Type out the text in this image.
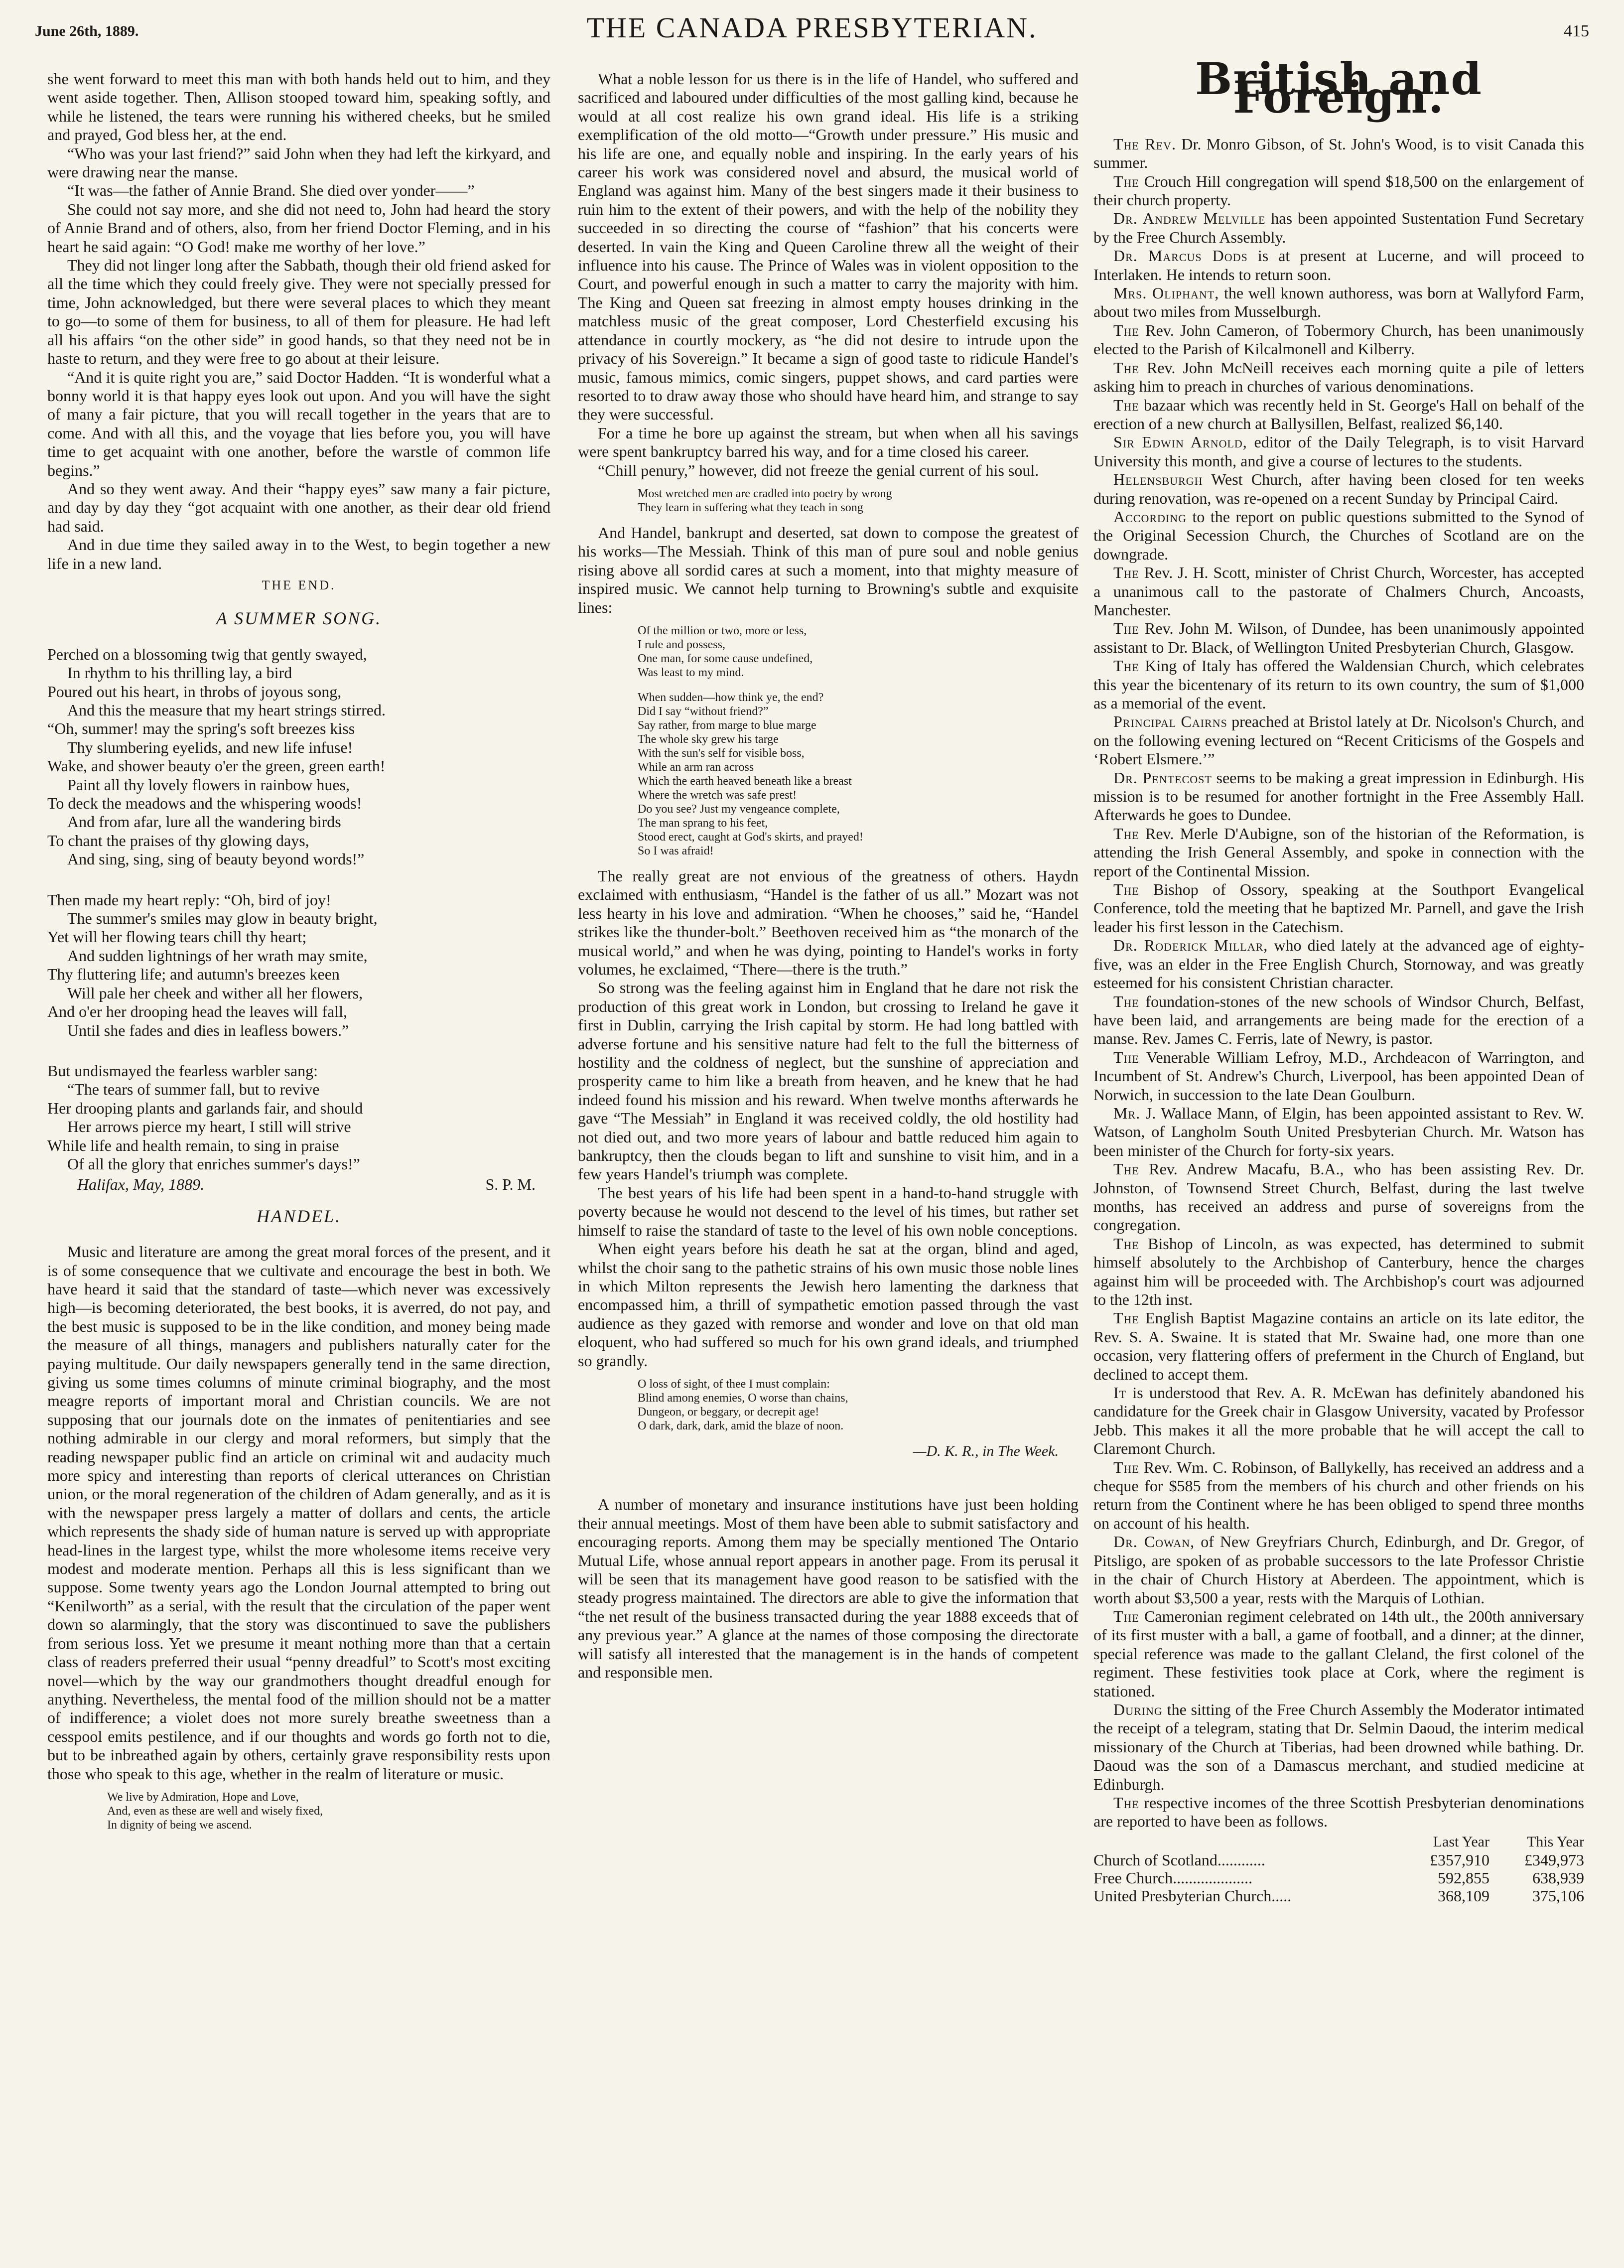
June 26th, 1889.	THE CANADA PRESBYTERIAN.	415

she went forward to meet this man with both hands held out to him, and they went aside together. Then, Allison stooped toward him, speaking softly, and while he listened, the tears were running his withered cheeks, but he smiled and prayed, God bless her, at the end.

“Who was your last friend?” said John when they had left the kirkyard, and were drawing near the manse.

“It was—the father of Annie Brand. She died over yonder——”

She could not say more, and she did not need to, John had heard the story of Annie Brand and of others, also, from her friend Doctor Fleming, and in his heart he said again: “O God! make me worthy of her love.”

They did not linger long after the Sabbath, though their old friend asked for all the time which they could freely give. They were not specially pressed for time, John acknowledged, but there were several places to which they meant to go—to some of them for business, to all of them for pleasure. He had left all his affairs “on the other side” in good hands, so that they need not be in haste to return, and they were free to go about at their leisure.

“And it is quite right you are,” said Doctor Hadden. “It is wonderful what a bonny world it is that happy eyes look out upon. And you will have the sight of many a fair picture, that you will recall together in the years that are to come. And with all this, and the voyage that lies before you, you will have time to get acquaint with one another, before the warstle of common life begins.”

And so they went away. And their “happy eyes” saw many a fair picture, and day by day they “got acquaint with one another, as their dear old friend had said.

And in due time they sailed away in to the West, to begin together a new life in a new land.

THE END.
A SUMMER SONG.
Perched on a blossoming twig that gently swayed,
In rhythm to his thrilling lay, a bird
Poured out his heart, in throbs of joyous song,
And this the measure that my heart strings stirred.
“Oh, summer! may the spring's soft breezes kiss
Thy slumbering eyelids, and new life infuse!
Wake, and shower beauty o'er the green, green earth!
Paint all thy lovely flowers in rainbow hues,
To deck the meadows and the whispering woods!
And from afar, lure all the wandering birds
To chant the praises of thy glowing days,
And sing, sing, sing of beauty beyond words!”
Then made my heart reply: “Oh, bird of joy!
The summer's smiles may glow in beauty bright,
Yet will her flowing tears chill thy heart;
And sudden lightnings of her wrath may smite,
Thy fluttering life; and autumn's breezes keen
Will pale her cheek and wither all her flowers,
And o'er her drooping head the leaves will fall,
Until she fades and dies in leafless bowers.”
But undismayed the fearless warbler sang:
“The tears of summer fall, but to revive
Her drooping plants and garlands fair, and should
Her arrows pierce my heart, I still will strive
While life and health remain, to sing in praise
Of all the glory that enriches summer's days!”
Halifax, May, 1889.	S. P. M.
HANDEL.

Music and literature are among the great moral forces of the present, and it is of some consequence that we cultivate and encourage the best in both. We have heard it said that the standard of taste—which never was excessively high—is becoming deteriorated, the best books, it is averred, do not pay, and the best music is supposed to be in the like condition, and money being made the measure of all things, managers and publishers naturally cater for the paying multitude. Our daily newspapers generally tend in the same direction, giving us some times columns of minute criminal biography, and the most meagre reports of important moral and Christian councils. We are not supposing that our journals dote on the inmates of penitentiaries and see nothing admirable in our clergy and moral reformers, but simply that the reading newspaper public find an article on criminal wit and audacity much more spicy and interesting than reports of clerical utterances on Christian union, or the moral regeneration of the children of Adam generally, and as it is with the newspaper press largely a matter of dollars and cents, the article which represents the shady side of human nature is served up with appropriate head-lines in the largest type, whilst the more wholesome items receive very modest and moderate mention. Perhaps all this is less significant than we suppose. Some twenty years ago the London Journal attempted to bring out “Kenilworth” as a serial, with the result that the circulation of the paper went down so alarmingly, that the story was discontinued to save the publishers from serious loss. Yet we presume it meant nothing more than that a certain class of readers preferred their usual “penny dreadful” to Scott's most exciting novel—which by the way our grandmothers thought dreadful enough for anything. Nevertheless, the mental food of the million should not be a matter of indifference; a violet does not more surely breathe sweetness than a cesspool emits pestilence, and if our thoughts and words go forth not to die, but to be inbreathed again by others, certainly grave responsibility rests upon those who speak to this age, whether in the realm of literature or music.

We live by Admiration, Hope and Love,
And, even as these are well and wisely fixed,
In dignity of being we ascend.

What a noble lesson for us there is in the life of Handel, who suffered and sacrificed and laboured under difficulties of the most galling kind, because he would at all cost realize his own grand ideal. His life is a striking exemplification of the old motto—“Growth under pressure.” His music and his life are one, and equally noble and inspiring. In the early years of his career his work was considered novel and absurd, the musical world of England was against him. Many of the best singers made it their business to ruin him to the extent of their powers, and with the help of the nobility they succeeded in so directing the course of “fashion” that his concerts were deserted. In vain the King and Queen Caroline threw all the weight of their influence into his cause. The Prince of Wales was in violent opposition to the Court, and powerful enough in such a matter to carry the majority with him. The King and Queen sat freezing in almost empty houses drinking in the matchless music of the great composer, Lord Chesterfield excusing his attendance in courtly mockery, as “he did not desire to intrude upon the privacy of his Sovereign.” It became a sign of good taste to ridicule Handel's music, famous mimics, comic singers, puppet shows, and card parties were resorted to to draw away those who should have heard him, and strange to say they were successful.

For a time he bore up against the stream, but when when all his savings were spent bankruptcy barred his way, and for a time closed his career.

“Chill penury,” however, did not freeze the genial current of his soul.

Most wretched men are cradled into poetry by wrong
They learn in suffering what they teach in song

And Handel, bankrupt and deserted, sat down to compose the greatest of his works—The Messiah. Think of this man of pure soul and noble genius rising above all sordid cares at such a moment, into that mighty measure of inspired music. We cannot help turning to Browning's subtle and exquisite lines:

Of the million or two, more or less,
I rule and possess,
One man, for some cause undefined,
Was least to my mind.
When sudden—how think ye, the end?
Did I say “without friend?”
Say rather, from marge to blue marge
The whole sky grew his targe
With the sun's self for visible boss,
While an arm ran across
Which the earth heaved beneath like a breast
Where the wretch was safe prest!
Do you see? Just my vengeance complete,
The man sprang to his feet,
Stood erect, caught at God's skirts, and prayed!
So I was afraid!

The really great are not envious of the greatness of others. Haydn exclaimed with enthusiasm, “Handel is the father of us all.” Mozart was not less hearty in his love and admiration. “When he chooses,” said he, “Handel strikes like the thunder-bolt.” Beethoven received him as “the monarch of the musical world,” and when he was dying, pointing to Handel's works in forty volumes, he exclaimed, “There—there is the truth.”

So strong was the feeling against him in England that he dare not risk the production of this great work in London, but crossing to Ireland he gave it first in Dublin, carrying the Irish capital by storm. He had long battled with adverse fortune and his sensitive nature had felt to the full the bitterness of hostility and the coldness of neglect, but the sunshine of appreciation and prosperity came to him like a breath from heaven, and he knew that he had indeed found his mission and his reward. When twelve months afterwards he gave “The Messiah” in England it was received coldly, the old hostility had not died out, and two more years of labour and battle reduced him again to bankruptcy, then the clouds began to lift and sunshine to visit him, and in a few years Handel's triumph was complete.

The best years of his life had been spent in a hand-to-hand struggle with poverty because he would not descend to the level of his times, but rather set himself to raise the standard of taste to the level of his own noble conceptions.

When eight years before his death he sat at the organ, blind and aged, whilst the choir sang to the pathetic strains of his own music those noble lines in which Milton represents the Jewish hero lamenting the darkness that encompassed him, a thrill of sympathetic emotion passed through the vast audience as they gazed with remorse and wonder and love on that old man eloquent, who had suffered so much for his own grand ideals, and triumphed so grandly.

O loss of sight, of thee I must complain:
Blind among enemies, O worse than chains,
Dungeon, or beggary, or decrepit age!
O dark, dark, dark, amid the blaze of noon.
—D. K. R., in The Week.

A number of monetary and insurance institutions have just been holding their annual meetings. Most of them have been able to submit satisfactory and encouraging reports. Among them may be specially mentioned The Ontario Mutual Life, whose annual report appears in another page. From its perusal it will be seen that its management have good reason to be satisfied with the steady progress maintained. The directors are able to give the information that “the net result of the business transacted during the year 1888 exceeds that of any previous year.” A glance at the names of those composing the directorate will satisfy all interested that the management is in the hands of competent and responsible men.

British and Foreign.

The Rev. Dr. Monro Gibson, of St. John's Wood, is to visit Canada this summer.

The Crouch Hill congregation will spend $18,500 on the enlargement of their church property.

Dr. Andrew Melville has been appointed Sustentation Fund Secretary by the Free Church Assembly.

Dr. Marcus Dods is at present at Lucerne, and will proceed to Interlaken. He intends to return soon.

Mrs. Oliphant, the well known authoress, was born at Wallyford Farm, about two miles from Musselburgh.

The Rev. John Cameron, of Tobermory Church, has been unanimously elected to the Parish of Kilcalmonell and Kilberry.

The Rev. John McNeill receives each morning quite a pile of letters asking him to preach in churches of various denominations.

The bazaar which was recently held in St. George's Hall on behalf of the erection of a new church at Ballysillen, Belfast, realized $6,140.

Sir Edwin Arnold, editor of the Daily Telegraph, is to visit Harvard University this month, and give a course of lectures to the students.

Helensburgh West Church, after having been closed for ten weeks during renovation, was re-opened on a recent Sunday by Principal Caird.

According to the report on public questions submitted to the Synod of the Original Secession Church, the Churches of Scotland are on the downgrade.

The Rev. J. H. Scott, minister of Christ Church, Worcester, has accepted a unanimous call to the pastorate of Chalmers Church, Ancoasts, Manchester.

The Rev. John M. Wilson, of Dundee, has been unanimously appointed assistant to Dr. Black, of Wellington United Presbyterian Church, Glasgow.

The King of Italy has offered the Waldensian Church, which celebrates this year the bicentenary of its return to its own country, the sum of $1,000 as a memorial of the event.

Principal Cairns preached at Bristol lately at Dr. Nicolson's Church, and on the following evening lectured on “Recent Criticisms of the Gospels and ‘Robert Elsmere.’”

Dr. Pentecost seems to be making a great impression in Edinburgh. His mission is to be resumed for another fortnight in the Free Assembly Hall. Afterwards he goes to Dundee.

The Rev. Merle D'Aubigne, son of the historian of the Reformation, is attending the Irish General Assembly, and spoke in connection with the report of the Continental Mission.

The Bishop of Ossory, speaking at the Southport Evangelical Conference, told the meeting that he baptized Mr. Parnell, and gave the Irish leader his first lesson in the Catechism.

Dr. Roderick Millar, who died lately at the advanced age of eighty-five, was an elder in the Free English Church, Stornoway, and was greatly esteemed for his consistent Christian character.

The foundation-stones of the new schools of Windsor Church, Belfast, have been laid, and arrangements are being made for the erection of a manse. Rev. James C. Ferris, late of Newry, is pastor.

The Venerable William Lefroy, M.D., Archdeacon of Warrington, and Incumbent of St. Andrew's Church, Liverpool, has been appointed Dean of Norwich, in succession to the late Dean Goulburn.

Mr. J. Wallace Mann, of Elgin, has been appointed assistant to Rev. W. Watson, of Langholm South United Presbyterian Church. Mr. Watson has been minister of the Church for forty-six years.

The Rev. Andrew Macafu, B.A., who has been assisting Rev. Dr. Johnston, of Townsend Street Church, Belfast, during the last twelve months, has received an address and purse of sovereigns from the congregation.

The Bishop of Lincoln, as was expected, has determined to submit himself absolutely to the Archbishop of Canterbury, hence the charges against him will be proceeded with. The Archbishop's court was adjourned to the 12th inst.

The English Baptist Magazine contains an article on its late editor, the Rev. S. A. Swaine. It is stated that Mr. Swaine had, one more than one occasion, very flattering offers of preferment in the Church of England, but declined to accept them.

It is understood that Rev. A. R. McEwan has definitely abandoned his candidature for the Greek chair in Glasgow University, vacated by Professor Jebb. This makes it all the more probable that he will accept the call to Claremont Church.

The Rev. Wm. C. Robinson, of Ballykelly, has received an address and a cheque for $585 from the members of his church and other friends on his return from the Continent where he has been obliged to spend three months on account of his health.

Dr. Cowan, of New Greyfriars Church, Edinburgh, and Dr. Gregor, of Pitsligo, are spoken of as probable successors to the late Professor Christie in the chair of Church History at Aberdeen. The appointment, which is worth about $3,500 a year, rests with the Marquis of Lothian.

The Cameronian regiment celebrated on 14th ult., the 200th anniversary of its first muster with a ball, a game of football, and a dinner; at the dinner, special reference was made to the gallant Cleland, the first colonel of the regiment. These festivities took place at Cork, where the regiment is stationed.

During the sitting of the Free Church Assembly the Moderator intimated the receipt of a telegram, stating that Dr. Selmin Daoud, the interim medical missionary of the Church at Tiberias, had been drowned while bathing. Dr. Daoud was the son of a Damascus merchant, and studied medicine at Edinburgh.

The respective incomes of the three Scottish Presbyterian denominations are reported to have been as follows.

	Last Year	This Year
Church of Scotland............	£357,910	£349,973
Free Church....................	592,855	638,939
United Presbyterian Church.....	368,109	375,106
